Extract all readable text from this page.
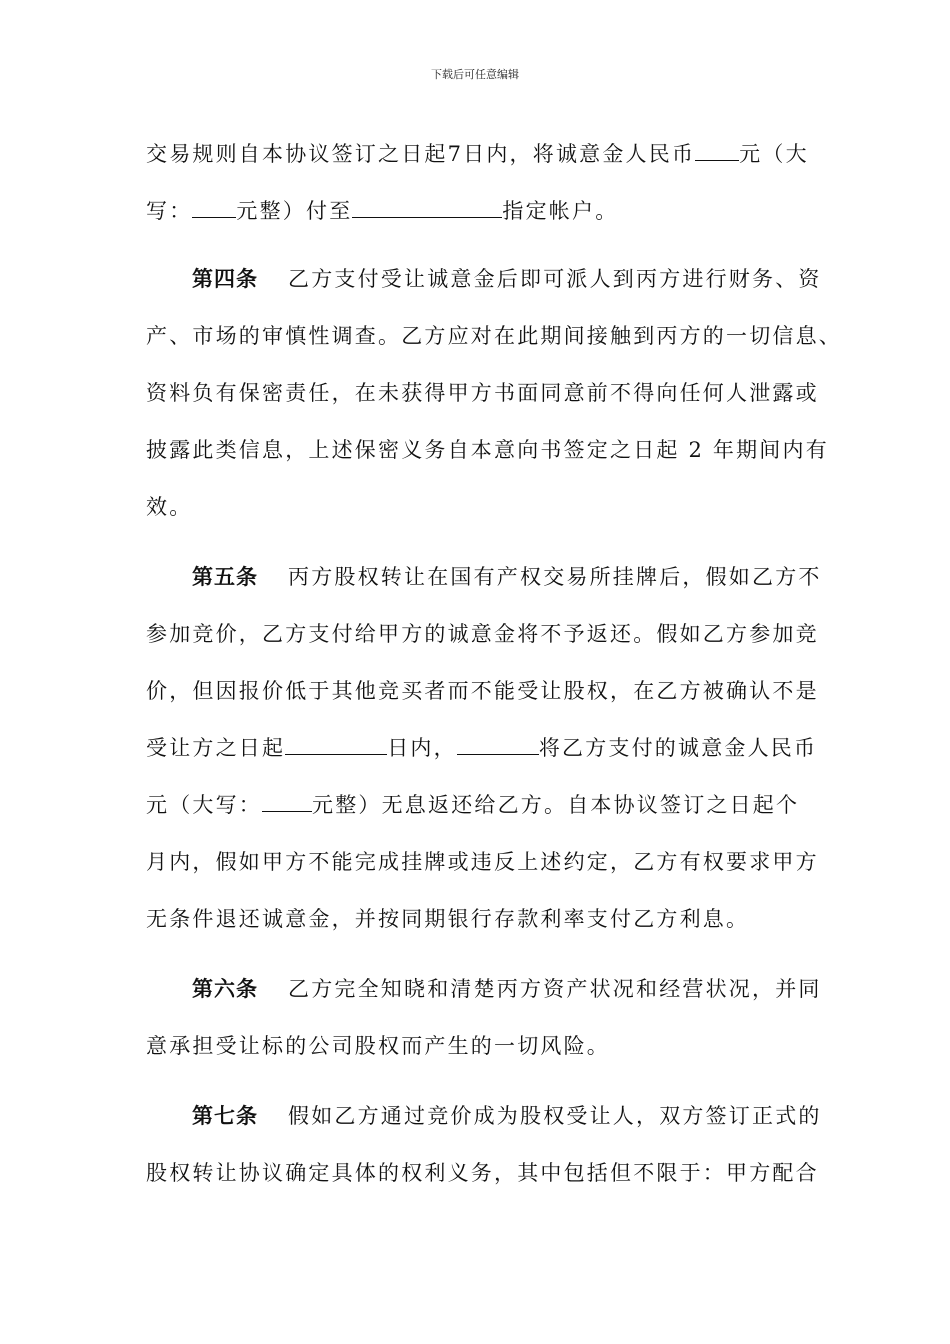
下载后可任意编辑
交易规则自本协议签订之日起7日内，将诚意金人民币 元（大
写： 元整）付至	指定帐户。
第四条 乙方支付受让诚意金后即可派人到丙方进行财务、资
产、市场的审慎性调查。乙方应对在此期间接触到丙方的一切信息、
资料负有保密责任，在未获得甲方书面同意前不得向任何人泄露或
披露此类信息，上述保密义务自本意向书签定之日起 2 年期间内有
效。
第五条 丙方股权转让在国有产权交易所挂牌后，假如乙方不
参加竞价，乙方支付给甲方的诚意金将不予返还。假如乙方参加竞
价，但因报价低于其他竞买者而不能受让股权，在乙方被确认不是
受让方之日起	日内，	将乙方支付的诚意金人民币
元（大写： 元整）无息返还给乙方。自本协议签订之日起个
月内，假如甲方不能完成挂牌或违反上述约定，乙方有权要求甲方
无条件退还诚意金，并按同期银行存款利率支付乙方利息。
第六条 乙方完全知晓和清楚丙方资产状况和经营状况，并同
意承担受让标的公司股权而产生的一切风险。
第七条 假如乙方通过竞价成为股权受让人，双方签订正式的
股权转让协议确定具体的权利义务，其中包括但不限于：甲方配合
